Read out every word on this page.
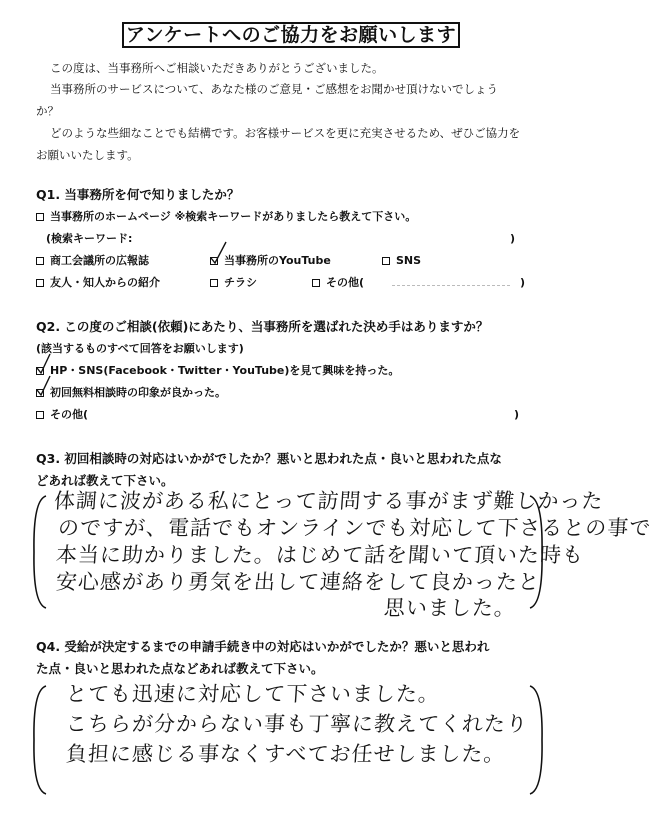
アンケートへのご協力をお願いします
この度は、当事務所へご相談いただきありがとうございました。
当事務所のサービスについて、あなた様のご意見・ご感想をお聞かせ頂けないでしょう
か？
どのような些細なことでも結構です。お客様サービスを更に充実させるため、ぜひご協力を
お願いいたします。
Q1. 当事務所を何で知りましたか？
当事務所のホームページ ※検索キーワードがありましたら教えて下さい。
(検索キーワード:	)
商工会議所の広報誌	当事務所のYouTube	SNS
友人・知人からの紹介	チラシ	その他(	)
Q2. この度のご相談(依頼)にあたり、当事務所を選ばれた決め手はありますか？
(該当するものすべて回答をお願いします)
HP・SNS(Facebook・Twitter・YouTube)を見て興味を持った。
初回無料相談時の印象が良かった。
その他(	)
Q3. 初回相談時の対応はいかがでしたか？悪いと思われた点・良いと思われた点な
どあれば教えて下さい。
体調に波がある私にとって訪問する事がまず難しかった
のですが、電話でもオンラインでも対応して下さるとの事で
本当に助かりました。はじめて話を聞いて頂いた時も
安心感があり勇気を出して連絡をして良かったと
思いました。
Q4. 受給が決定するまでの申請手続き中の対応はいかがでしたか？悪いと思われ
た点・良いと思われた点などあれば教えて下さい。
とても迅速に対応して下さいました。
こちらが分からない事も丁寧に教えてくれたり
負担に感じる事なくすべてお任せしました。
